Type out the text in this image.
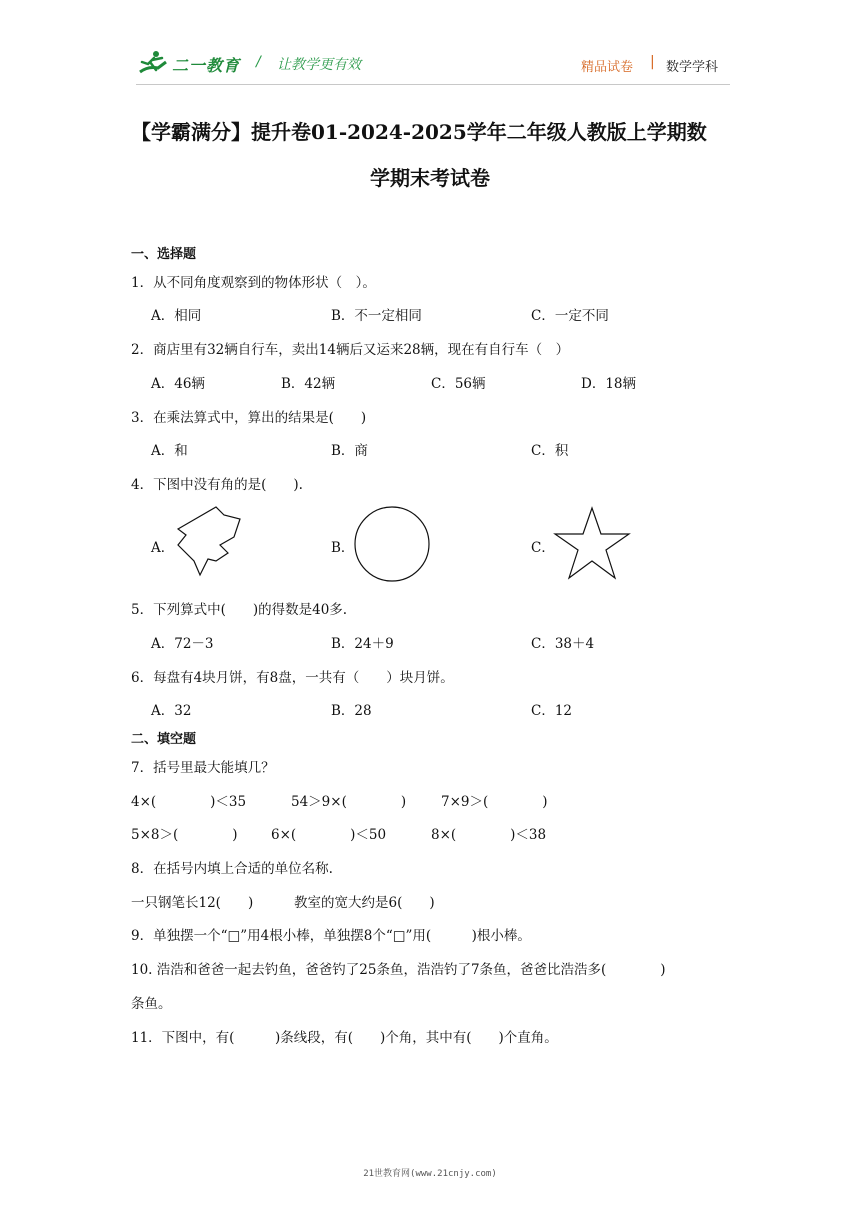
二一教育 / 让教学更有效	精品试卷 | 数学学科
【学霸满分】提升卷01-2024-2025学年二年级人教版上学期数
学期末考试卷
一、选择题
1．从不同角度观察到的物体形状（　）。
A．相同	B．不一定相同	C．一定不同
2．商店里有32辆自行车，卖出14辆后又运来28辆，现在有自行车（　）
A．46辆	B．42辆	C．56辆	D．18辆
3．在乘法算式中，算出的结果是(　　)
A．和	B．商	C．积
4．下图中没有角的是(　　).
A．	B．	C．
5．下列算式中(　　)的得数是40多.
A．72－3	B．24＋9	C．38＋4
6．每盘有4块月饼，有8盘，一共有（　　）块月饼。
A．32	B．28	C．12
二、填空题
7．括号里最大能填几？
4×(　　　　)＜35	54＞9×(　　　　)	7×9＞(　　　　)
5×8＞(　　　　) 6×(　　　　)＜50	8×(　　　　)＜38
8．在括号内填上合适的单位名称.
一只钢笔长12(　　)	教室的宽大约是6(　　)
9．单独摆一个“□”用4根小棒，单独摆8个“□”用(　　　)根小棒。
10. 浩浩和爸爸一起去钓鱼，爸爸钓了25条鱼，浩浩钓了7条鱼，爸爸比浩浩多(　　　　)
条鱼。
11．下图中，有(　　　)条线段，有(　　)个角，其中有(　　)个直角。
21世教育网(www.21cnjy.com)
